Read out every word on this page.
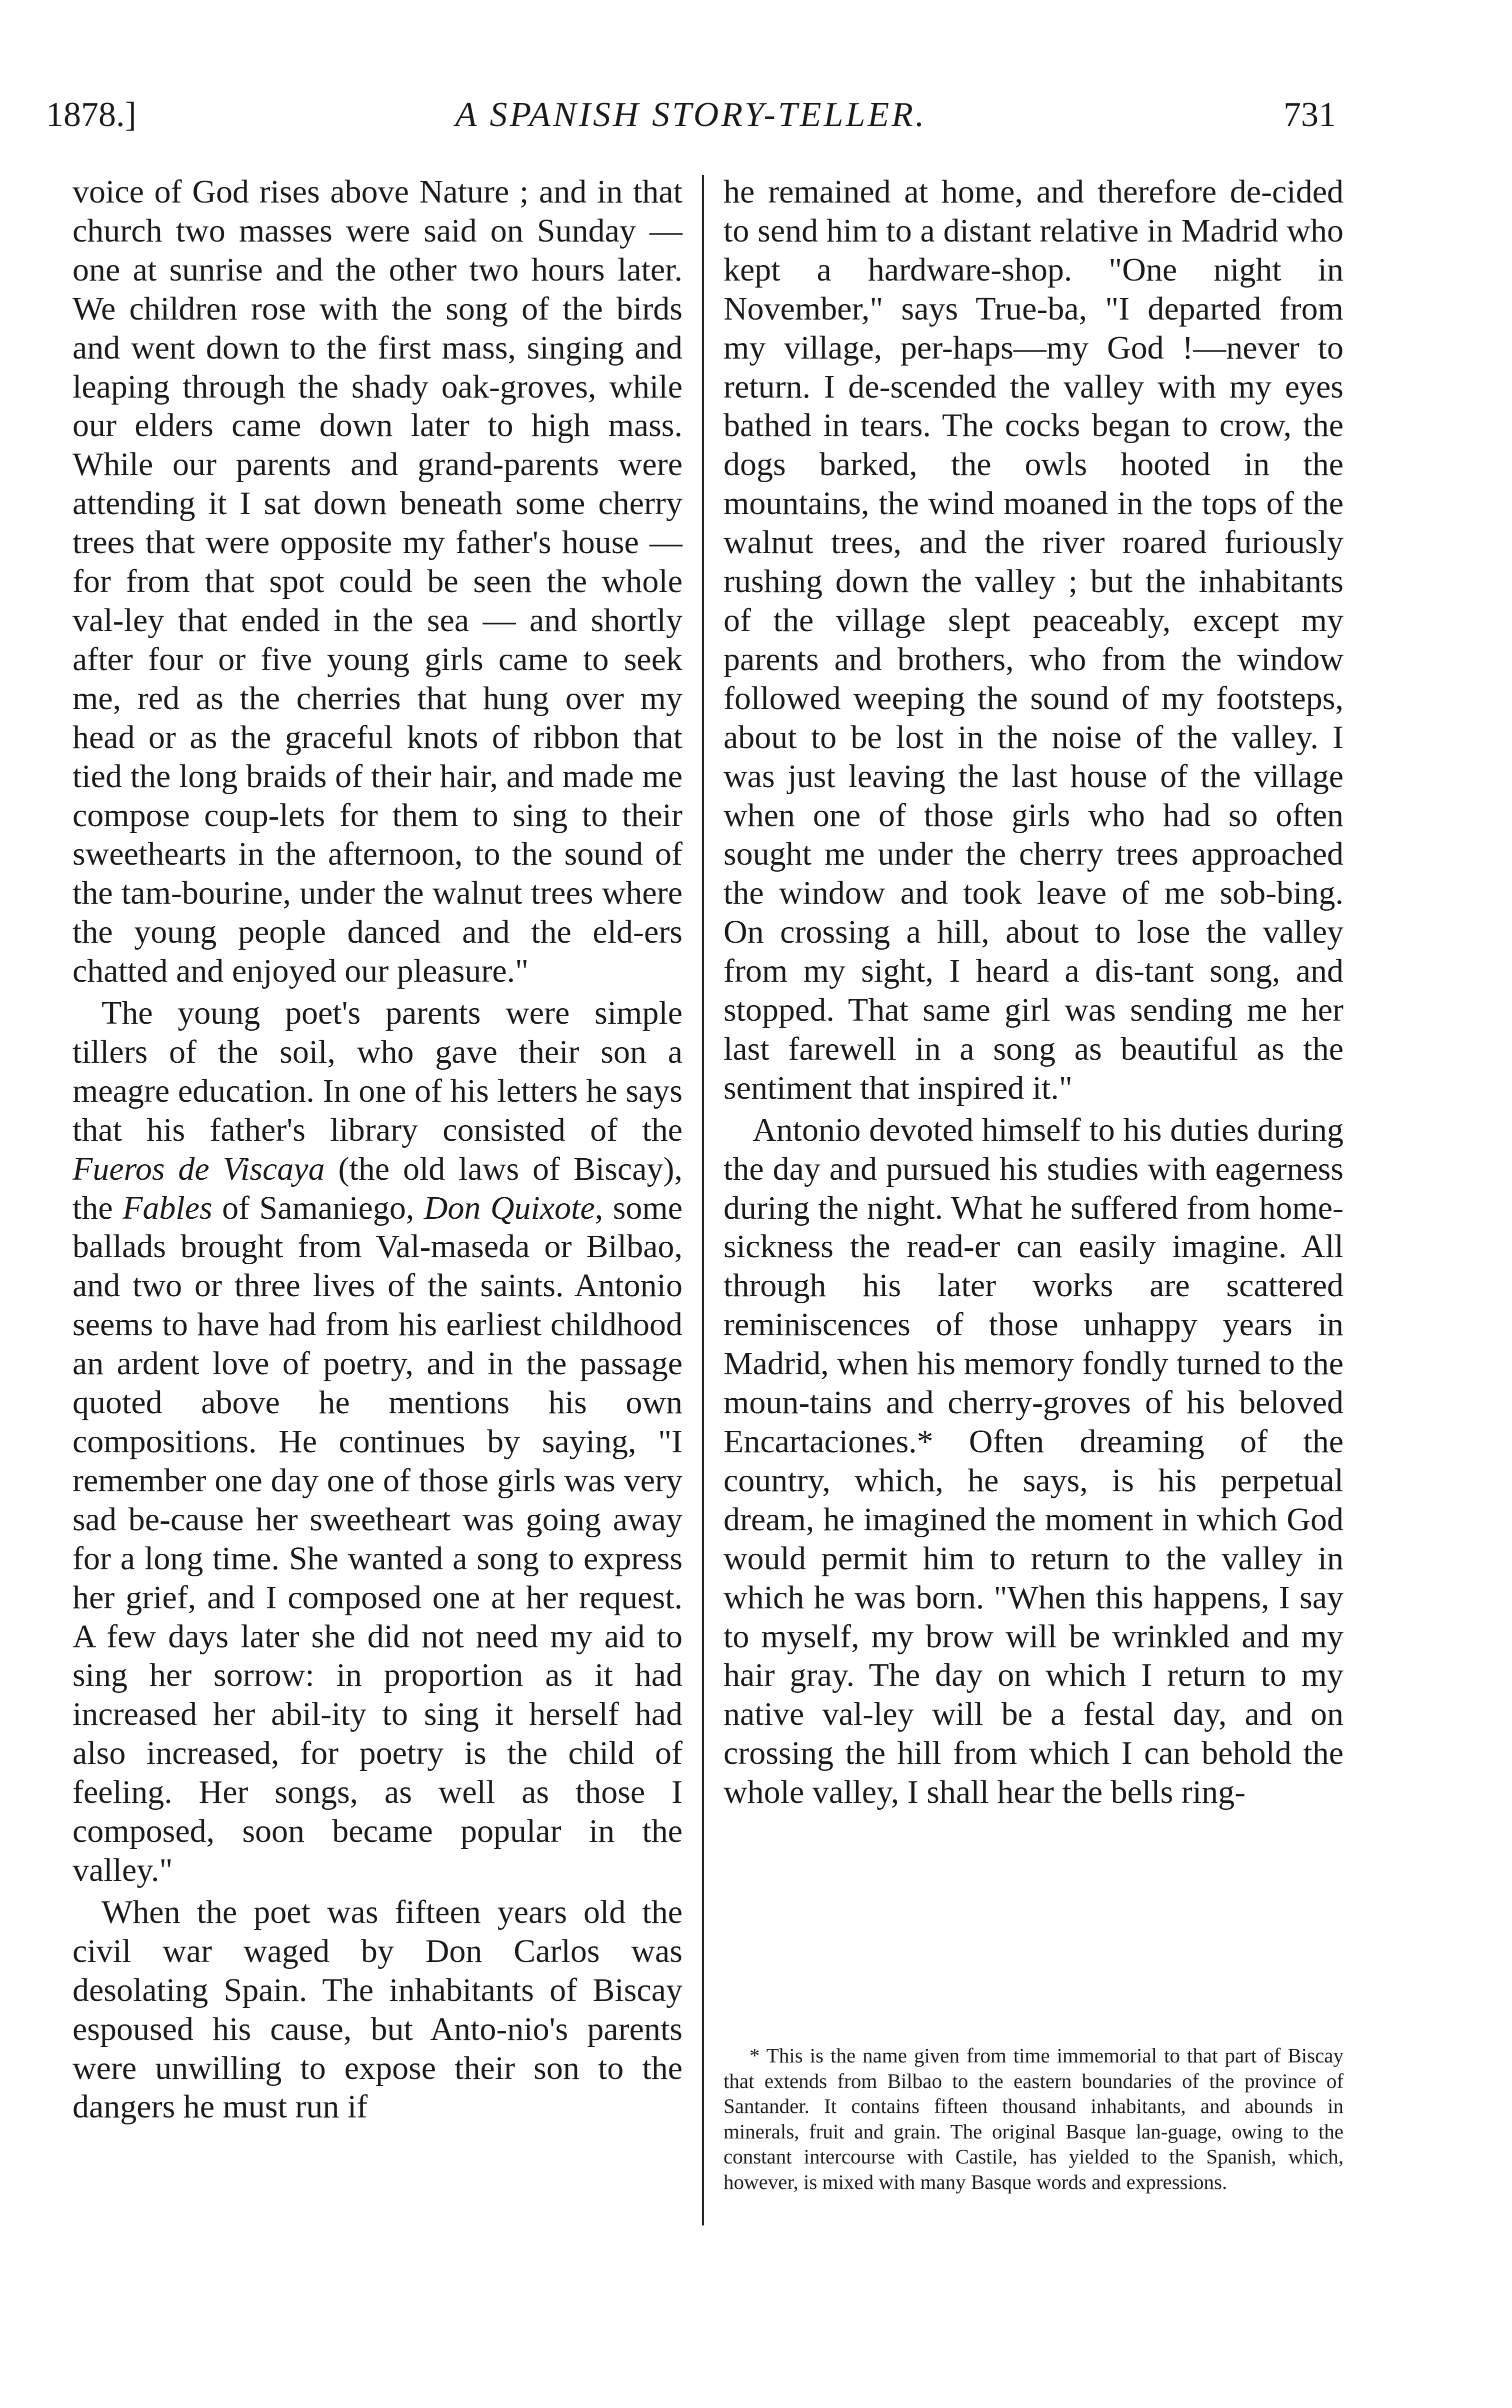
1878.]	A SPANISH STORY-TELLER.	731

voice of God rises above Nature ; and in that church two masses were said on Sunday — one at sunrise and the other two hours later. We children rose with the song of the birds and went down to the first mass, singing and leaping through the shady oak-groves, while our elders came down later to high mass. While our parents and grand-parents were attending it I sat down beneath some cherry trees that were opposite my father's house — for from that spot could be seen the whole val-ley that ended in the sea — and shortly after four or five young girls came to seek me, red as the cherries that hung over my head or as the graceful knots of ribbon that tied the long braids of their hair, and made me compose coup-lets for them to sing to their sweethearts in the afternoon, to the sound of the tam-bourine, under the walnut trees where the young people danced and the eld-ers chatted and enjoyed our pleasure."

The young poet's parents were simple tillers of the soil, who gave their son a meagre education. In one of his letters he says that his father's library consisted of the Fueros de Viscaya (the old laws of Biscay), the Fables of Samaniego, Don Quixote, some ballads brought from Val-maseda or Bilbao, and two or three lives of the saints. Antonio seems to have had from his earliest childhood an ardent love of poetry, and in the passage quoted above he mentions his own compositions. He continues by saying, "I remember one day one of those girls was very sad be-cause her sweetheart was going away for a long time. She wanted a song to express her grief, and I composed one at her request. A few days later she did not need my aid to sing her sorrow: in proportion as it had increased her abil-ity to sing it herself had also increased, for poetry is the child of feeling. Her songs, as well as those I composed, soon became popular in the valley."

When the poet was fifteen years old the civil war waged by Don Carlos was desolating Spain. The inhabitants of Biscay espoused his cause, but Anto-nio's parents were unwilling to expose their son to the dangers he must run if

he remained at home, and therefore de-cided to send him to a distant relative in Madrid who kept a hardware-shop. "One night in November," says True-ba, "I departed from my village, per-haps—my God !—never to return. I de-scended the valley with my eyes bathed in tears. The cocks began to crow, the dogs barked, the owls hooted in the mountains, the wind moaned in the tops of the walnut trees, and the river roared furiously rushing down the valley ; but the inhabitants of the village slept peaceably, except my parents and brothers, who from the window followed weeping the sound of my footsteps, about to be lost in the noise of the valley. I was just leaving the last house of the village when one of those girls who had so often sought me under the cherry trees approached the window and took leave of me sob-bing. On crossing a hill, about to lose the valley from my sight, I heard a dis-tant song, and stopped. That same girl was sending me her last farewell in a song as beautiful as the sentiment that inspired it."

Antonio devoted himself to his duties during the day and pursued his studies with eagerness during the night. What he suffered from home-sickness the read-er can easily imagine. All through his later works are scattered reminiscences of those unhappy years in Madrid, when his memory fondly turned to the moun-tains and cherry-groves of his beloved Encartaciones.* Often dreaming of the country, which, he says, is his perpetual dream, he imagined the moment in which God would permit him to return to the valley in which he was born. "When this happens, I say to myself, my brow will be wrinkled and my hair gray. The day on which I return to my native val-ley will be a festal day, and on crossing the hill from which I can behold the whole valley, I shall hear the bells ring-

* This is the name given from time immemorial to that part of Biscay that extends from Bilbao to the eastern boundaries of the province of Santander. It contains fifteen thousand inhabitants, and abounds in minerals, fruit and grain. The original Basque lan-guage, owing to the constant intercourse with Castile, has yielded to the Spanish, which, however, is mixed with many Basque words and expressions.
